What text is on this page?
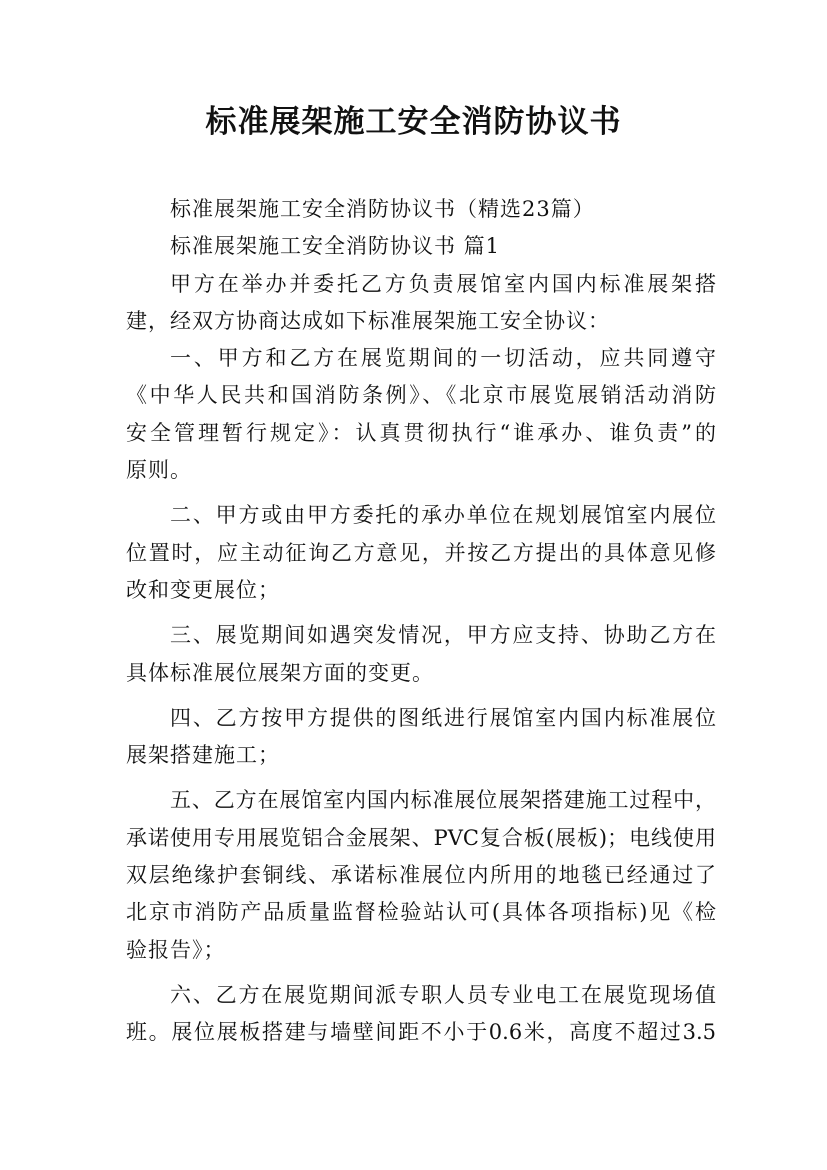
标准展架施工安全消防协议书
标准展架施工安全消防协议书（精选23篇）
标准展架施工安全消防协议书 篇1
甲方在举办并委托乙方负责展馆室内国内标准展架搭
建，经双方协商达成如下标准展架施工安全协议：
一、甲方和乙方在展览期间的一切活动，应共同遵守
《中华人民共和国消防条例》、《北京市展览展销活动消防
安全管理暂行规定》：认真贯彻执行“谁承办、谁负责”的
原则。
二、甲方或由甲方委托的承办单位在规划展馆室内展位
位置时，应主动征询乙方意见，并按乙方提出的具体意见修
改和变更展位；
三、展览期间如遇突发情况，甲方应支持、协助乙方在
具体标准展位展架方面的变更。
四、乙方按甲方提供的图纸进行展馆室内国内标准展位
展架搭建施工；
五、乙方在展馆室内国内标准展位展架搭建施工过程中，
承诺使用专用展览铝合金展架、PVC复合板(展板)；电线使用
双层绝缘护套铜线、承诺标准展位内所用的地毯已经通过了
北京市消防产品质量监督检验站认可(具体各项指标)见《检
验报告》；
六、乙方在展览期间派专职人员专业电工在展览现场值
班。展位展板搭建与墙壁间距不小于0.6米，高度不超过3.5
